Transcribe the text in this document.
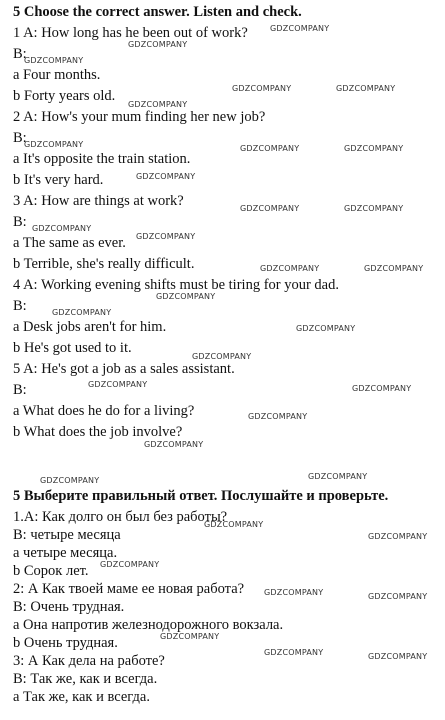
5 Choose the correct answer. Listen and check.
1 A: How long has he been out of work?
B:
a Four months.
b Forty years old.
2 A: How's your mum finding her new job?
B:
a It's opposite the train station.
b It's very hard.
3 A: How are things at work?
B:
a The same as ever.
b Terrible, she's really difficult.
4 A: Working evening shifts must be tiring for your dad.
B:
a Desk jobs aren't for him.
b He's got used to it.
5 A: He's got a job as a sales assistant.
B:
a What does he do for a living?
b What does the job involve?
5 Выберите правильный ответ. Послушайте и проверьте.
1.А: Как долго он был без работы?
В: четыре месяца
а четыре месяца.
b Сорок лет.
2: А Как твоей маме ее новая работа?
В: Очень трудная.
а Она напротив железнодорожного вокзала.
b Очень трудная.
3: А Как дела на работе?
В: Так же, как и всегда.
а Так же, как и всегда.
GDZCOMPANY
GDZCOMPANY
GDZCOMPANY
GDZCOMPANY	GDZCOMPANY
GDZCOMPANY
GDZCOMPANY	GDZCOMPANY	GDZCOMPANY
GDZCOMPANY
GDZCOMPANY	GDZCOMPANY
GDZCOMPANY
GDZCOMPANY
GDZCOMPANY	GDZCOMPANY
GDZCOMPANY
GDZCOMPANY
GDZCOMPANY
GDZCOMPANY
GDZCOMPANY	GDZCOMPANY
GDZCOMPANY
GDZCOMPANY
GDZCOMPANY	GDZCOMPANY
GDZCOMPANY
GDZCOMPANY
GDZCOMPANY
GDZCOMPANY	GDZCOMPANY
GDZCOMPANY
GDZCOMPANY	GDZCOMPANY
